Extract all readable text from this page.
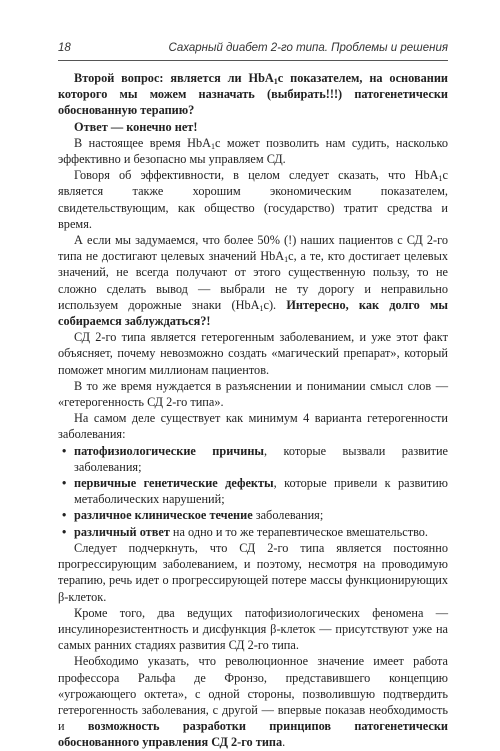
18	Сахарный диабет 2-го типа. Проблемы и решения

Второй вопрос: является ли HbA$_1$c показателем, на основании которого мы можем назначать (выбирать!!!) патогенетически обоснованную терапию?

Ответ — конечно нет!

В настоящее время HbA$_1$c может позволить нам судить, насколько эффективно и безопасно мы управляем СД.

Говоря об эффективности, в целом следует сказать, что HbA$_1$c является также хорошим экономическим показателем, свидетельствующим, как общество (государство) тратит средства и время.

А если мы задумаемся, что более 50% (!) наших пациентов с СД 2-го типа не достигают целевых значений HbA$_1$c, а те, кто достигает целевых значений, не всегда получают от этого существенную пользу, то не сложно сделать вывод — выбрали не ту дорогу и неправильно используем дорожные знаки (HbA$_1$c). Интересно, как долго мы собираемся заблуждаться?!

СД 2-го типа является гетерогенным заболеванием, и уже этот факт объясняет, почему невозможно создать «магический препарат», который поможет многим миллионам пациентов.

В то же время нуждается в разъяснении и понимании смысл слов — «гетерогенность СД 2-го типа».

На самом деле существует как минимум 4 варианта гетерогенности заболевания:

• патофизиологические причины, которые вызвали развитие заболевания;
• первичные генетические дефекты, которые привели к развитию метаболических нарушений;
• различное клиническое течение заболевания;
• различный ответ на одно и то же терапевтическое вмешательство.

Следует подчеркнуть, что СД 2-го типа является постоянно прогрессирующим заболеванием, и поэтому, несмотря на проводимую терапию, речь идет о прогрессирующей потере массы функционирующих β-клеток.

Кроме того, два ведущих патофизиологических феномена — инсулинорезистентность и дисфункция β-клеток — присутствуют уже на самых ранних стадиях развития СД 2-го типа.

Необходимо указать, что революционное значение имеет работа профессора Ральфа де Фронзо, представившего концепцию «угрожающего октета», с одной стороны, позволившую подтвердить гетерогенность заболевания, с другой — впервые показав необходимость и возможность разработки принципов патогенетически обоснованного управления СД 2-го типа.
